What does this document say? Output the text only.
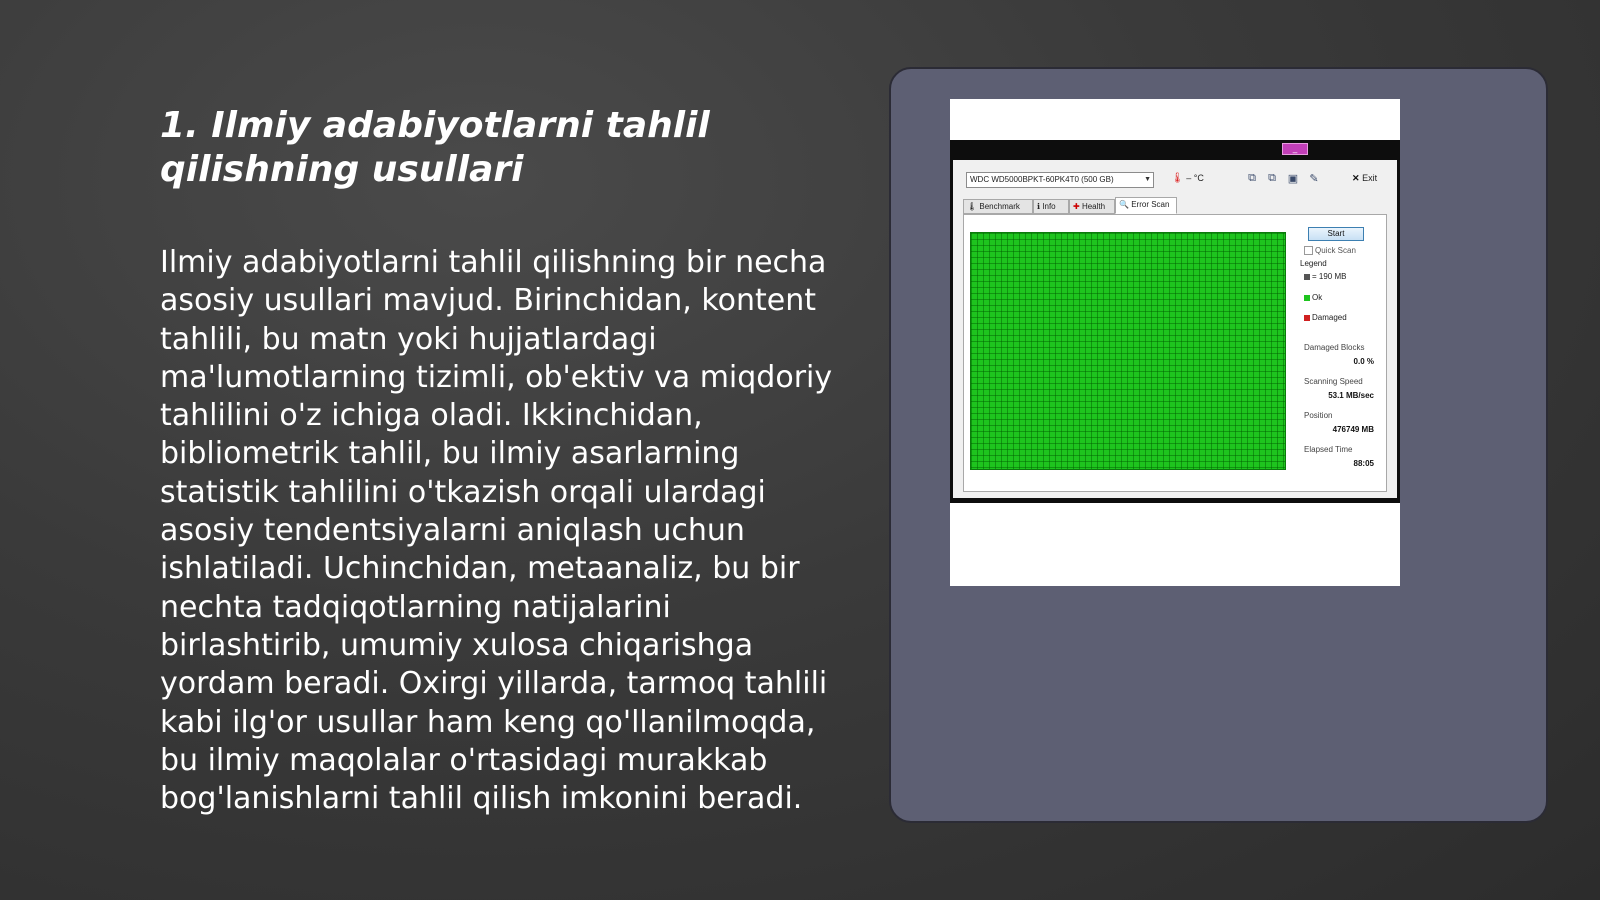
1. Ilmiy adabiyotlarni tahlil qilishning usullari

Ilmiy adabiyotlarni tahlil qilishning bir necha asosiy usullari mavjud. Birinchidan, kontent tahlili, bu matn yoki hujjatlardagi ma'lumotlarning tizimli, ob'ektiv va miqdoriy tahlilini o'z ichiga oladi. Ikkinchidan, bibliometrik tahlil, bu ilmiy asarlarning statistik tahlilini o'tkazish orqali ulardagi asosiy tendentsiyalarni aniqlash uchun ishlatiladi. Uchinchidan, metaanaliz, bu bir nechta tadqiqotlarning natijalarini birlashtirib, umumiy xulosa chiqarishga yordam beradi. Oxirgi yillarda, tarmoq tahlili kabi ilg'or usullar ham keng qo'llanilmoqda, bu ilmiy maqolalar o'rtasidagi murakkab bog'lanishlarni tahlil qilish imkonini beradi.

_
WDC WD5000BPKT-60PK4T0 (500 GB)	▼ 🌡 – °C	⧉ ⧉ ▣ ✎	✕ Exit
🌡 Benchmark	ℹ Info	✚ Health	🔍 Error Scan
Start
Quick Scan
Legend
= 190 MB
Ok
Damaged
Damaged Blocks
0.0 %
Scanning Speed
53.1 MB/sec
Position
476749 MB
Elapsed Time
88:05
